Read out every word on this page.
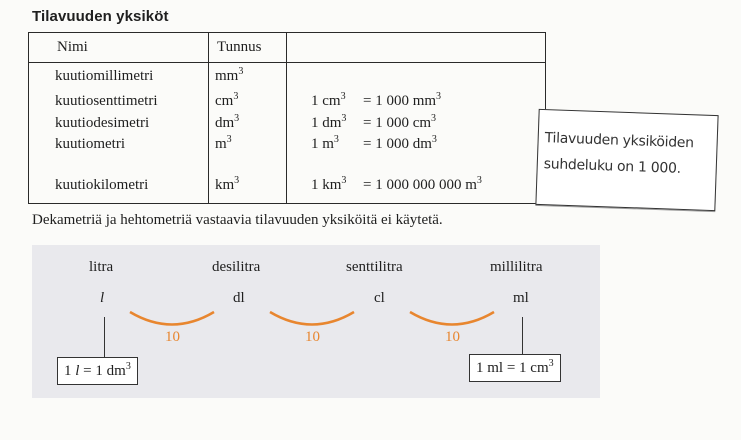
Tilavuuden yksiköt
Nimi	Tunnus
kuutiomillimetri	$mm^3$
kuutiosenttimetri	$cm^3$	1 $cm^3 = 1$ 000 $mm^3$
kuutiodesimetri	$dm^3$	1 $dm^3 = 1$ 000 $cm^3$
kuutiometri	$m^3$	1 $m^3 = 1$ 000 $dm^3$
kuutiokilometri	$km^3$	1 $km^3 = 1$ 000 000 000 $m^3$
Tilavuuden yksiköiden
suhdeluku on 1 000.
Dekametriä ja hehtometriä vastaavia tilavuuden yksiköitä ei käytetä.
litra	desilitra	senttilitra	millilitra
l	dl	cl	ml
10	10	10
1 l = 1 $dm^3$	1 ml = 1 $cm^3$
